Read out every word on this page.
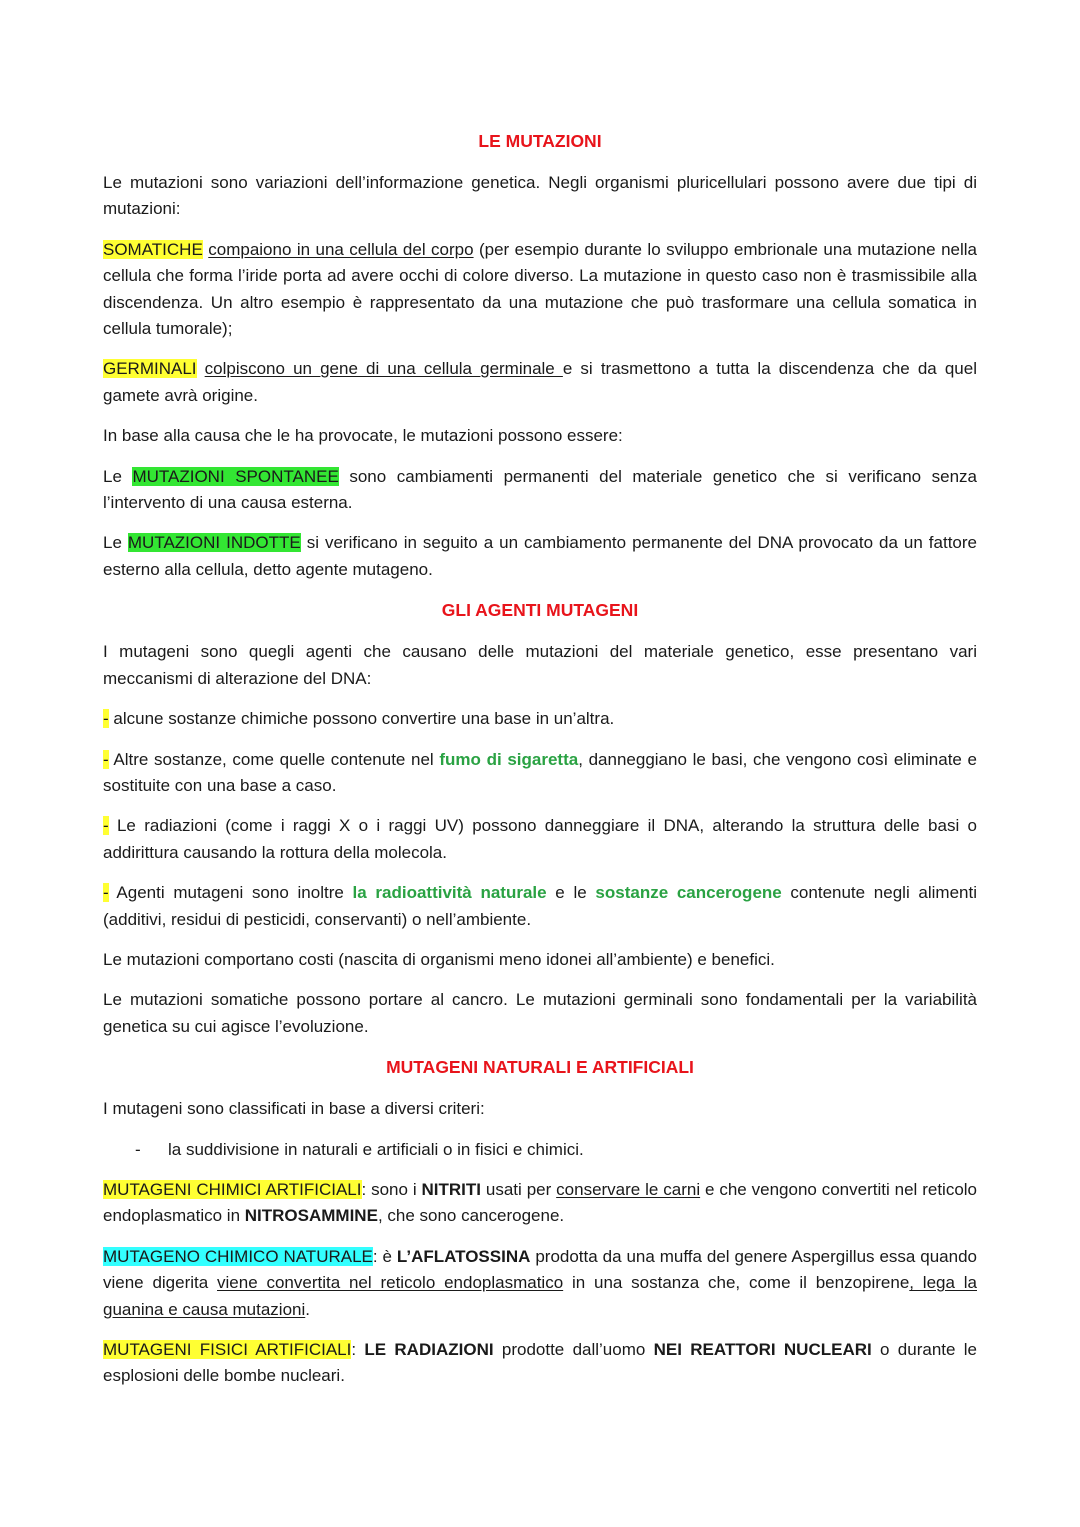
LE MUTAZIONI

Le mutazioni sono variazioni dell’informazione genetica. Negli organismi pluricellulari possono avere due tipi di mutazioni:

SOMATICHE compaiono in una cellula del corpo (per esempio durante lo sviluppo embrionale una mutazione nella cellula che forma l’iride porta ad avere occhi di colore diverso. La mutazione in questo caso non è trasmissibile alla discendenza. Un altro esempio è rappresentato da una mutazione che può trasformare una cellula somatica in cellula tumorale);

GERMINALI colpiscono un gene di una cellula germinale e si trasmettono a tutta la discendenza che da quel gamete avrà origine.

In base alla causa che le ha provocate, le mutazioni possono essere:

Le MUTAZIONI SPONTANEE sono cambiamenti permanenti del materiale genetico che si verificano senza l’intervento di una causa esterna.

Le MUTAZIONI INDOTTE si verificano in seguito a un cambiamento permanente del DNA provocato da un fattore esterno alla cellula, detto agente mutageno.

GLI AGENTI MUTAGENI

I mutageni sono quegli agenti che causano delle mutazioni del materiale genetico, esse presentano vari meccanismi di alterazione del DNA:

- alcune sostanze chimiche possono convertire una base in un’altra.

- Altre sostanze, come quelle contenute nel fumo di sigaretta, danneggiano le basi, che vengono così eliminate e sostituite con una base a caso.

- Le radiazioni (come i raggi X o i raggi UV) possono danneggiare il DNA, alterando la struttura delle basi o addirittura causando la rottura della molecola.

- Agenti mutageni sono inoltre la radioattività naturale e le sostanze cancerogene contenute negli alimenti (additivi, residui di pesticidi, conservanti) o nell’ambiente.

Le mutazioni comportano costi (nascita di organismi meno idonei all’ambiente) e benefici.

Le mutazioni somatiche possono portare al cancro. Le mutazioni germinali sono fondamentali per la variabilità genetica su cui agisce l’evoluzione.

MUTAGENI NATURALI E ARTIFICIALI

I mutageni sono classificati in base a diversi criteri:

- la suddivisione in naturali e artificiali o in fisici e chimici.

MUTAGENI CHIMICI ARTIFICIALI: sono i NITRITI usati per conservare le carni e che vengono convertiti nel reticolo endoplasmatico in NITROSAMMINE, che sono cancerogene.

MUTAGENO CHIMICO NATURALE: è L’AFLATOSSINA prodotta da una muffa del genere Aspergillus essa quando viene digerita viene convertita nel reticolo endoplasmatico in una sostanza che, come il benzopirene, lega la guanina e causa mutazioni.

MUTAGENI FISICI ARTIFICIALI: LE RADIAZIONI prodotte dall’uomo NEI REATTORI NUCLEARI o durante le esplosioni delle bombe nucleari.
